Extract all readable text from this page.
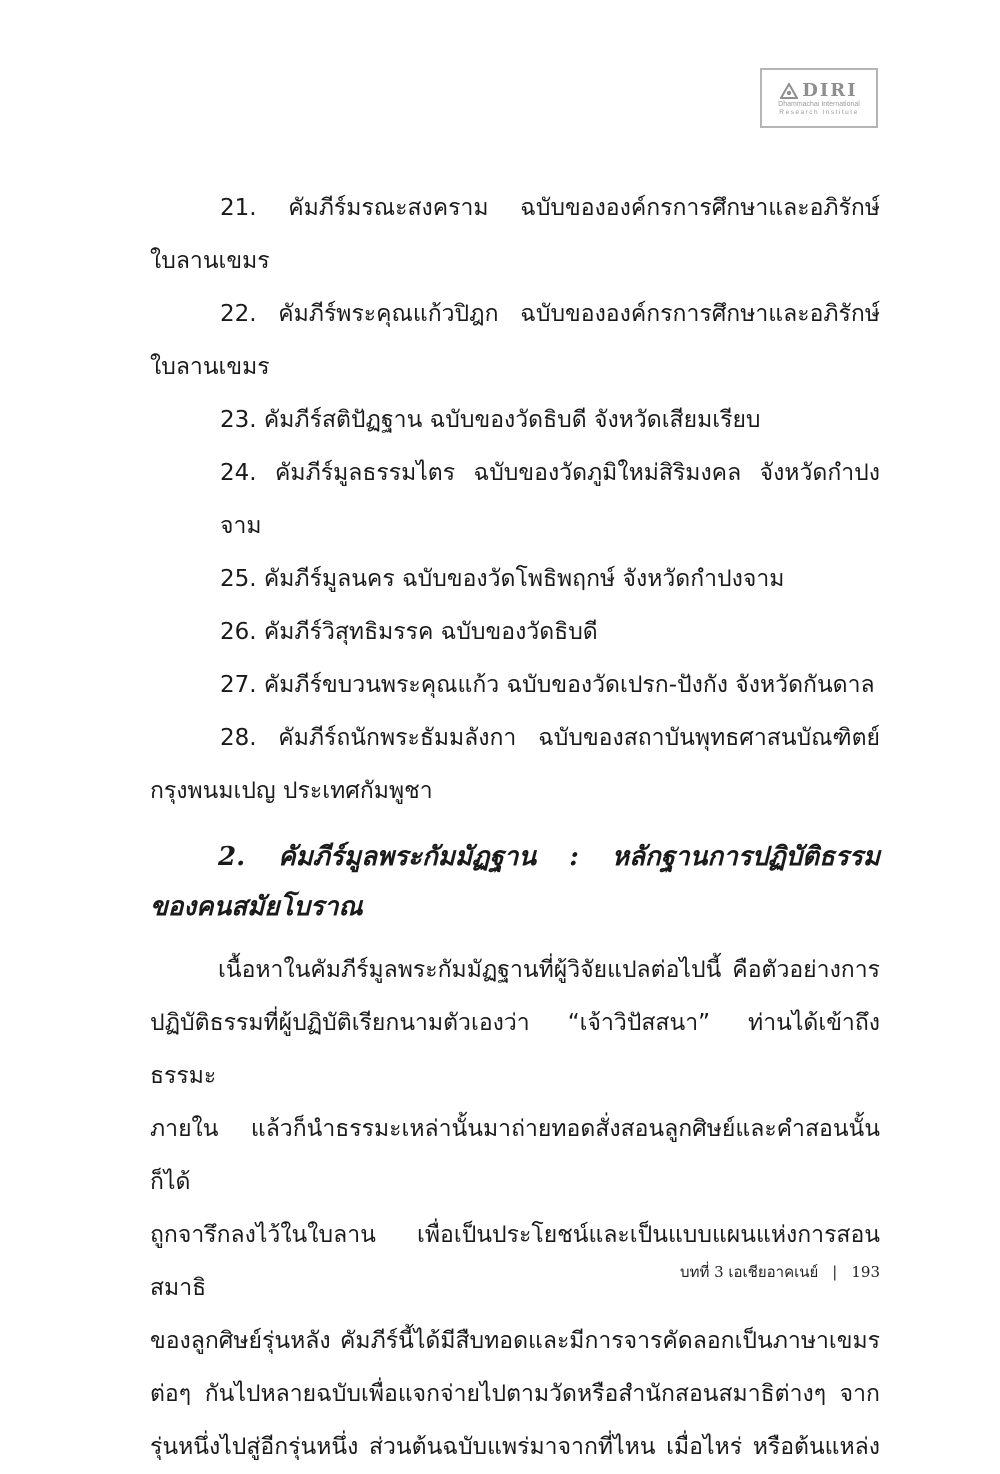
DIRI
Dhammachai International
Research Institute
21. คัมภีร์มรณะสงคราม ฉบับขององค์กรการศึกษาและอภิรักษ์
ใบลานเขมร
22. คัมภีร์พระคุณแก้วปิฎก ฉบับขององค์กรการศึกษาและอภิรักษ์
ใบลานเขมร
23. คัมภีร์สติปัฏฐาน ฉบับของวัดธิบดี จังหวัดเสียมเรียบ
24. คัมภีร์มูลธรรมไตร ฉบับของวัดภูมิใหม่สิริมงคล จังหวัดกำปงจาม
25. คัมภีร์มูลนคร ฉบับของวัดโพธิพฤกษ์ จังหวัดกำปงจาม
26. คัมภีร์วิสุทธิมรรค ฉบับของวัดธิบดี
27. คัมภีร์ขบวนพระคุณแก้ว ฉบับของวัดเปรก-ปังกัง จังหวัดกันดาล
28. คัมภีร์ถนักพระธัมมลังกา ฉบับของสถาบันพุทธศาสนบัณฑิตย์
กรุงพนมเปญ ประเทศกัมพูชา
2. คัมภีร์มูลพระกัมมัฏฐาน : หลักฐานการปฏิบัติธรรม
ของคนสมัยโบราณ
เนื้อหาในคัมภีร์มูลพระกัมมัฏฐานที่ผู้วิจัยแปลต่อไปนี้ คือตัวอย่างการ
ปฏิบัติธรรมที่ผู้ปฏิบัติเรียกนามตัวเองว่า “เจ้าวิปัสสนา” ท่านได้เข้าถึงธรรมะ
ภายใน แล้วก็นำธรรมะเหล่านั้นมาถ่ายทอดสั่งสอนลูกศิษย์และคำสอนนั้นก็ได้
ถูกจารึกลงไว้ในใบลาน เพื่อเป็นประโยชน์และเป็นแบบแผนแห่งการสอนสมาธิ
ของลูกศิษย์รุ่นหลัง คัมภีร์นี้ได้มีสืบทอดและมีการจารคัดลอกเป็นภาษาเขมร
ต่อๆ กันไปหลายฉบับเพื่อแจกจ่ายไปตามวัดหรือสำนักสอนสมาธิต่างๆ จาก
รุ่นหนึ่งไปสู่อีกรุ่นหนึ่ง ส่วนต้นฉบับแพร่มาจากที่ไหน เมื่อไหร่ หรือต้นแหล่ง
บทที่ 3 เอเชียอาคเนย์ | 193
